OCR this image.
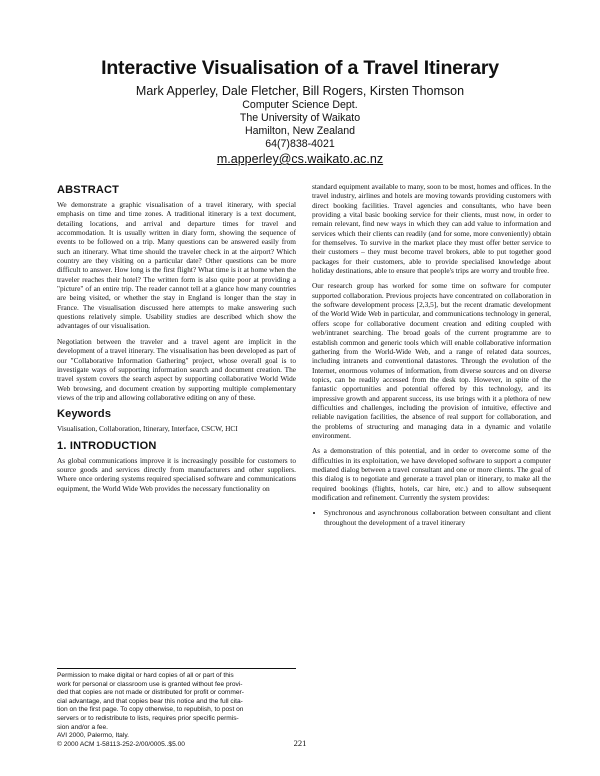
Interactive Visualisation of a Travel Itinerary
Mark Apperley, Dale Fletcher, Bill Rogers, Kirsten Thomson
Computer Science Dept.
The University of Waikato
Hamilton, New Zealand
64(7)838-4021
m.apperley@cs.waikato.ac.nz
ABSTRACT

We demonstrate a graphic visualisation of a travel itinerary, with special emphasis on time and time zones. A traditional itinerary is a text document, detailing locations, and arrival and departure times for travel and accommodation. It is usually written in diary form, showing the sequence of events to be followed on a trip. Many questions can be answered easily from such an itinerary. What time should the traveler check in at the airport? Which country are they visiting on a particular date? Other questions can be more difficult to answer. How long is the first flight? What time is it at home when the traveler reaches their hotel? The written form is also quite poor at providing a "picture" of an entire trip. The reader cannot tell at a glance how many countries are being visited, or whether the stay in England is longer than the stay in France. The visualisation discussed here attempts to make answering such questions relatively simple. Usability studies are described which show the advantages of our visualisation.

Negotiation between the traveler and a travel agent are implicit in the development of a travel itinerary. The visualisation has been developed as part of our "Collaborative Information Gathering" project, whose overall goal is to investigate ways of supporting information search and document creation. The travel system covers the search aspect by supporting collaborative World Wide Web browsing, and document creation by supporting multiple complementary views of the trip and allowing collaborative editing on any of these.

Keywords

Visualisation, Collaboration, Itinerary, Interface, CSCW, HCI

1. INTRODUCTION

As global communications improve it is increasingly possible for customers to source goods and services directly from manufacturers and other suppliers. Where once ordering systems required specialised software and communications equipment, the World Wide Web provides the necessary functionality on

Permission to make digital or hard copies of all or part of this
work for personal or classroom use is granted without fee provi-
ded that copies are not made or distributed for profit or commer-
cial advantage, and that copies bear this notice and the full cita-
tion on the first page. To copy otherwise, to republish, to post on
servers or to redistribute to lists, requires prior specific permis-
sion and/or a fee.
AVI 2000, Palermo, Italy.
© 2000 ACM 1-58113-252-2/00/0005..$5.00

standard equipment available to many, soon to be most, homes and offices. In the travel industry, airlines and hotels are moving towards providing customers with direct booking facilities. Travel agencies and consultants, who have been providing a vital basic booking service for their clients, must now, in order to remain relevant, find new ways in which they can add value to information and services which their clients can readily (and for some, more conveniently) obtain for themselves. To survive in the market place they must offer better service to their customers – they must become travel brokers, able to put together good packages for their customers, able to provide specialised knowledge about holiday destinations, able to ensure that people's trips are worry and trouble free.

Our research group has worked for some time on software for computer supported collaboration. Previous projects have concentrated on collaboration in the software development process [2,3,5], but the recent dramatic development of the World Wide Web in particular, and communications technology in general, offers scope for collaborative document creation and editing coupled with web/intranet searching. The broad goals of the current programme are to establish common and generic tools which will enable collaborative information gathering from the World-Wide Web, and a range of related data sources, including intranets and conventional datastores. Through the evolution of the Internet, enormous volumes of information, from diverse sources and on diverse topics, can be readily accessed from the desk top. However, in spite of the fantastic opportunities and potential offered by this technology, and its impressive growth and apparent success, its use brings with it a plethora of new difficulties and challenges, including the provision of intuitive, effective and reliable navigation facilities, the absence of real support for collaboration, and the problems of structuring and managing data in a dynamic and volatile environment.

As a demonstration of this potential, and in order to overcome some of the difficulties in its exploitation, we have developed software to support a computer mediated dialog between a travel consultant and one or more clients. The goal of this dialog is to negotiate and generate a travel plan or itinerary, to make all the required bookings (flights, hotels, car hire, etc.) and to allow subsequent modification and refinement. Currently the system provides:

• Synchronous and asynchronous collaboration between consultant and client throughout the development of a travel itinerary
221
